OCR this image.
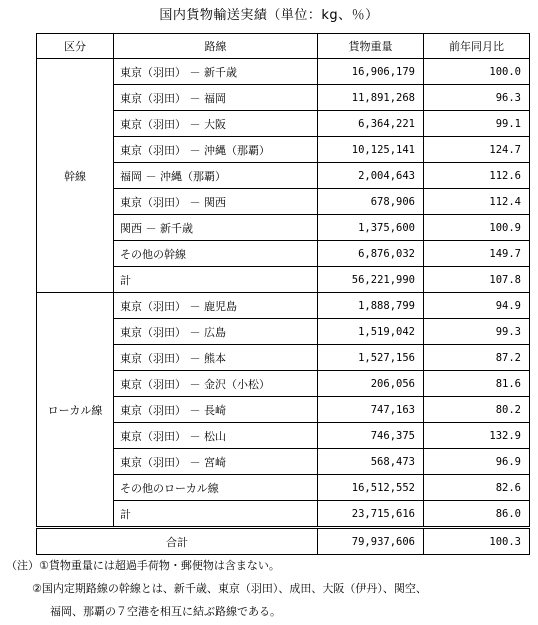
国内貨物輸送実績（単位：kg、％）
区分	路線	貨物重量	前年同月比
幹線	東京（羽田） － 新千歳	16,906,179	100.0
	東京（羽田） － 福岡	11,891,268	96.3
	東京（羽田） － 大阪	6,364,221	99.1
	東京（羽田） － 沖縄（那覇）	10,125,141	124.7
	福岡 － 沖縄（那覇）	2,004,643	112.6
	東京（羽田） － 関西	678,906	112.4
	関西 － 新千歳	1,375,600	100.9
	その他の幹線	6,876,032	149.7
	計	56,221,990	107.8
ローカル線	東京（羽田） － 鹿児島	1,888,799	94.9
	東京（羽田） － 広島	1,519,042	99.3
	東京（羽田） － 熊本	1,527,156	87.2
	東京（羽田） － 金沢（小松）	206,056	81.6
	東京（羽田） － 長崎	747,163	80.2
	東京（羽田） － 松山	746,375	132.9
	東京（羽田） － 宮崎	568,473	96.9
	その他のローカル線	16,512,552	82.6
	計	23,715,616	86.0
合計		79,937,606	100.3
（注）①貨物重量には超過手荷物・郵便物は含まない。
②国内定期路線の幹線とは、新千歳、東京（羽田）、成田、大阪（伊丹）、関空、
福岡、那覇の７空港を相互に結ぶ路線である。
